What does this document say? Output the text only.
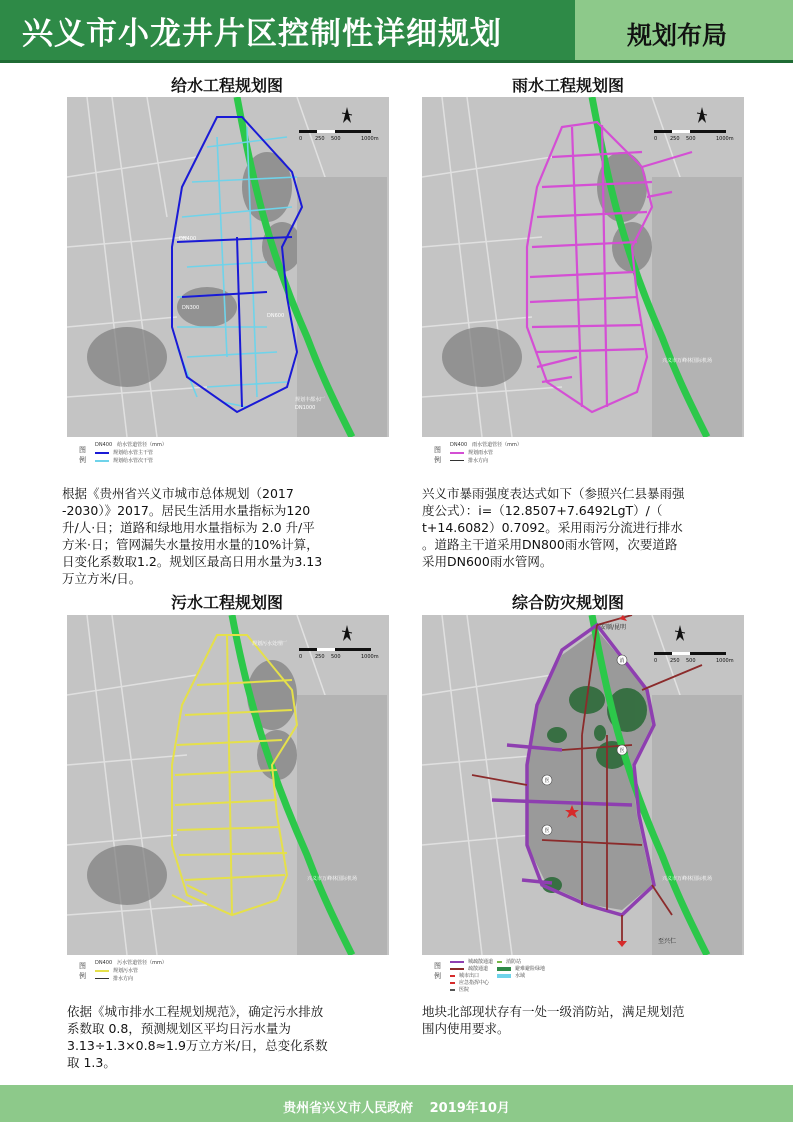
兴义市小龙井片区控制性详细规划	规划布局
给水工程规划图
DN400
DN300
DN600
DN1000
规划丰都水厂
0	250 500	1000m
图例
DN400　给水管道管径（mm）
规划给水管主干管
规划给水管次干管
根据《贵州省兴义市城市总体规划（2017
-2030）》2017。居民生活用水量指标为120
升/人·日；道路和绿地用水量指标为 2.0 升/平
方米·日；管网漏失水量按用水量的10%计算，
日变化系数取1.2。规划区最高日用水量为3.13
万立方米/日。
雨水工程规划图
兴义市万峰林国际机场
0	250 500	1000m
图例
DN400　雨水管道管径（mm）
规划雨水管
排水方向
兴义市暴雨强度表达式如下（参照兴仁县暴雨强
度公式）：i=（12.8507+7.6492LgT）/（
t+14.6082）0.7092。采用雨污分流进行排水
。道路主干道采用DN800雨水管网，次要道路
采用DN600雨水管网。
污水工程规划图
规划污水处理厂
兴义市万峰林国际机场
0	250 500	1000m
图例
DN400　污水管道管径（mm）
规划污水管
排水方向
依据《城市排水工程规划规范》，确定污水排放
系数取 0.8，预测规划区平均日污水量为
3.13÷1.3×0.8≈1.9万立方米/日，总变化系数
取 1.3。
综合防灾规划图
消
医
医
医
安顺/昆明
至兴仁
兴义市万峰林国际机场
0	250 500	1000m
图例
城疏散通道
疏散通道
城市出口
应急指挥中心
医院
消防站
避难避险绿地
水域
地块北部现状存有一处一级消防站，满足规划范
围内使用要求。
贵州省兴义市人民政府 2019年10月
